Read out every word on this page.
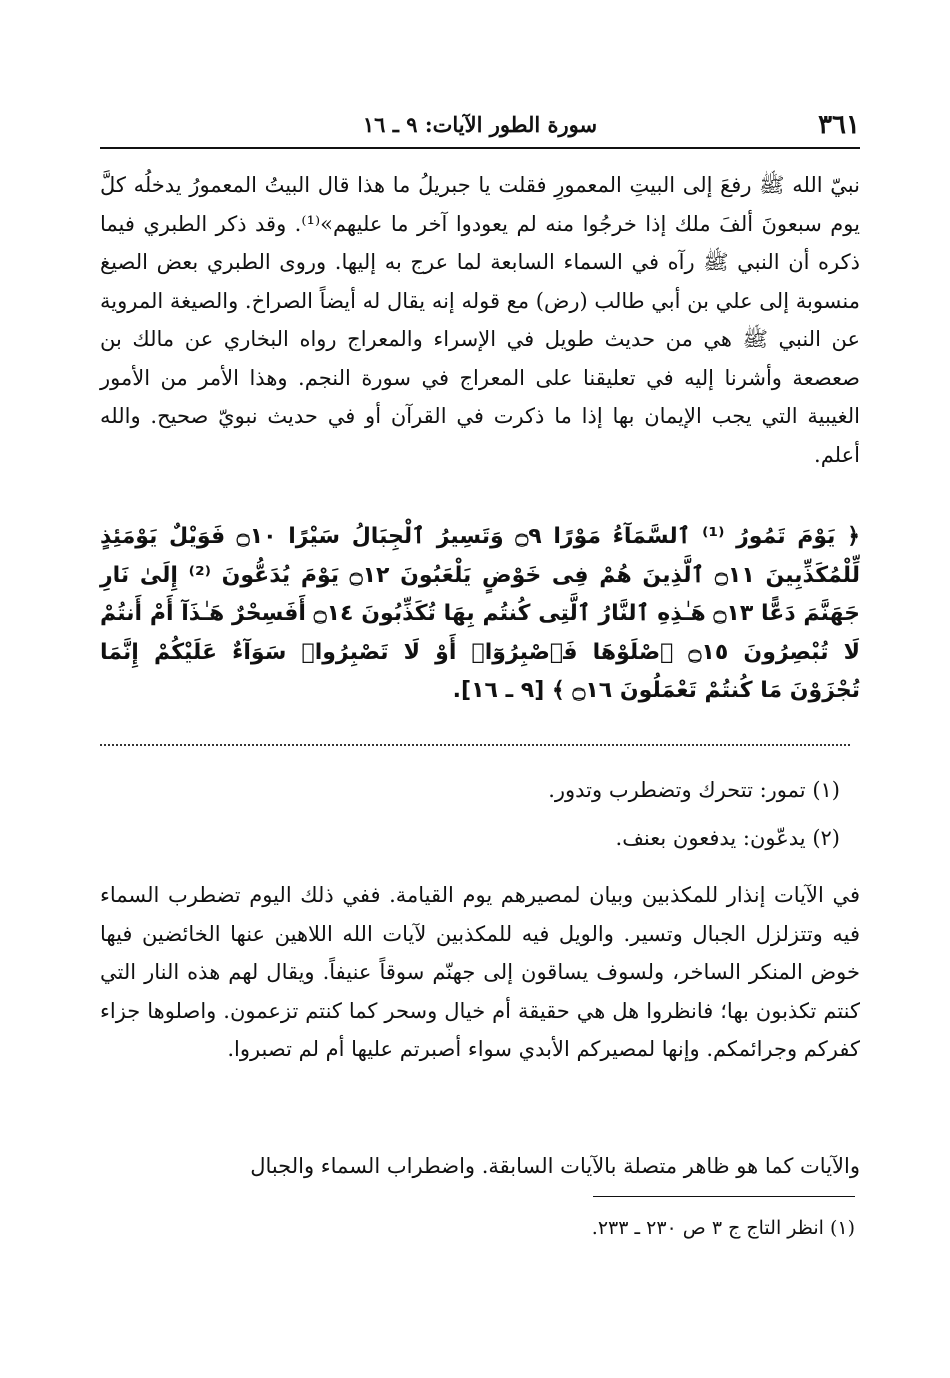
٣٦١
سورة الطور الآيات: ٩ ـ ١٦

نبيّ الله ﷺ رفعَ إلى البيتِ المعمورِ فقلت يا جبريلُ ما هذا قال البيتُ المعمورُ يدخلُه كلَّ يوم سبعونَ ألفَ ملك إذا خرجُوا منه لم يعودوا آخر ما عليهم»⁽¹⁾. وقد ذكر الطبري فيما ذكره أن النبي ﷺ رآه في السماء السابعة لما عرج به إليها. وروى الطبري بعض الصيغ منسوبة إلى علي بن أبي طالب (رض) مع قوله إنه يقال له أيضاً الصراخ. والصيغة المروية عن النبي ﷺ هي من حديث طويل في الإسراء والمعراج رواه البخاري عن مالك بن صعصعة وأشرنا إليه في تعليقنا على المعراج في سورة النجم. وهذا الأمر من الأمور الغيبية التي يجب الإيمان بها إذا ما ذكرت في القرآن أو في حديث نبويّ صحيح. والله أعلم.

﴿ يَوْمَ تَمُورُ ⁽¹⁾ ٱلسَّمَآءُ مَوْرًا ۝٩ وَتَسِيرُ ٱلْجِبَالُ سَيْرًا ۝١٠ فَوَيْلٌ يَوْمَئِذٍ لِّلْمُكَذِّبِينَ ۝١١ ٱلَّذِينَ هُمْ فِى خَوْضٍ يَلْعَبُونَ ۝١٢ يَوْمَ يُدَعُّونَ ⁽²⁾ إِلَىٰ نَارِ جَهَنَّمَ دَعًّا ۝١٣ هَـٰذِهِ ٱلنَّارُ ٱلَّتِى كُنتُم بِهَا تُكَذِّبُونَ ۝١٤ أَفَسِحْرٌ هَـٰذَآ أَمْ أَنتُمْ لَا تُبْصِرُونَ ۝١٥ ٱصْلَوْهَا فَٱصْبِرُوٓا۟ أَوْ لَا تَصْبِرُوا۟ سَوَآءٌ عَلَيْكُمْ إِنَّمَا تُجْزَوْنَ مَا كُنتُمْ تَعْمَلُونَ ۝١٦ ﴾ [٩ ـ ١٦].

(١) تمور: تتحرك وتضطرب وتدور.

(٢) يدعّون: يدفعون بعنف.

في الآيات إنذار للمكذبين وبيان لمصيرهم يوم القيامة. ففي ذلك اليوم تضطرب السماء فيه وتتزلزل الجبال وتسير. والويل فيه للمكذبين لآيات الله اللاهين عنها الخائضين فيها خوض المنكر الساخر، ولسوف يساقون إلى جهنّم سوقاً عنيفاً. ويقال لهم هذه النار التي كنتم تكذبون بها؛ فانظروا هل هي حقيقة أم خيال وسحر كما كنتم تزعمون. واصلوها جزاء كفركم وجرائمكم. وإنها لمصيركم الأبدي سواء أصبرتم عليها أم لم تصبروا.

والآيات كما هو ظاهر متصلة بالآيات السابقة. واضطراب السماء والجبال

(١) انظر التاج ج ٣ ص ٢٣٠ ـ ٢٣٣.
